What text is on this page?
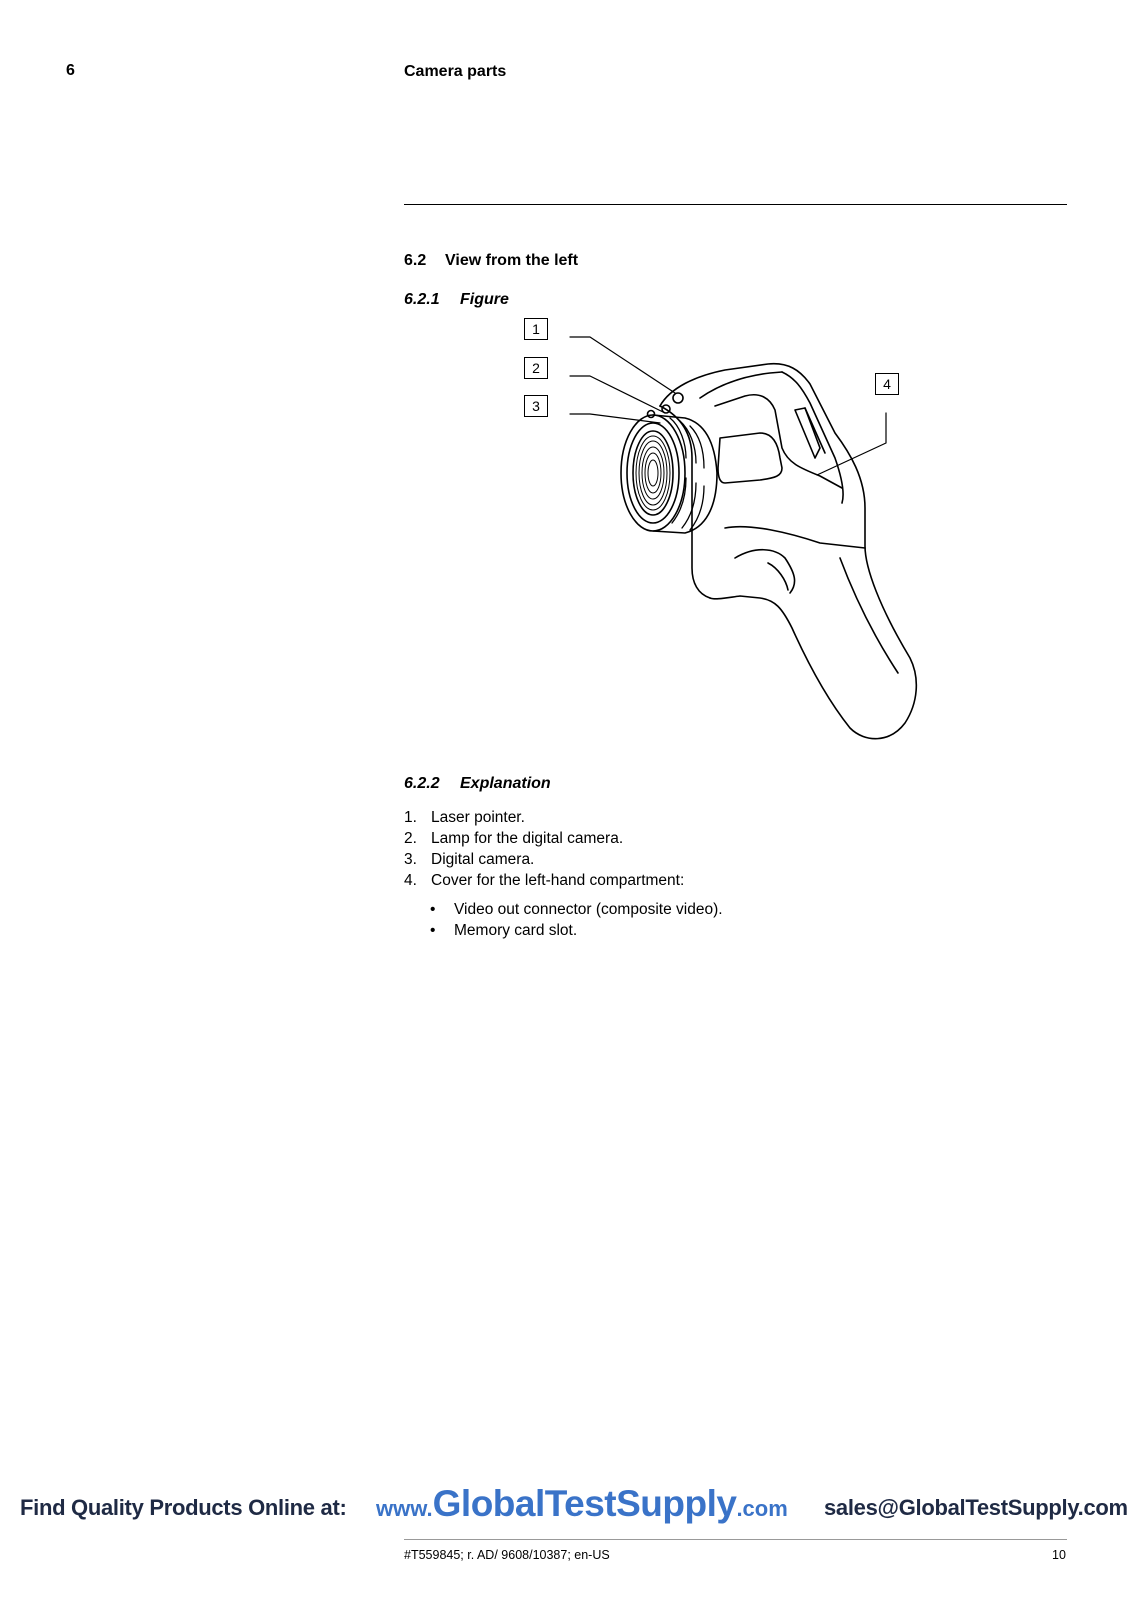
6	Camera parts
6.2 View from the left
6.2.1 Figure
1
2
3
4
6.2.2 Explanation
1. Laser pointer.
2. Lamp for the digital camera.
3. Digital camera.
4. Cover for the left-hand compartment:
•	Video out connector (composite video).
•	Memory card slot.
Find Quality Products Online at: www.GlobalTestSupply.com sales@GlobalTestSupply.com
#T559845; r. AD/ 9608/10387; en-US	10
